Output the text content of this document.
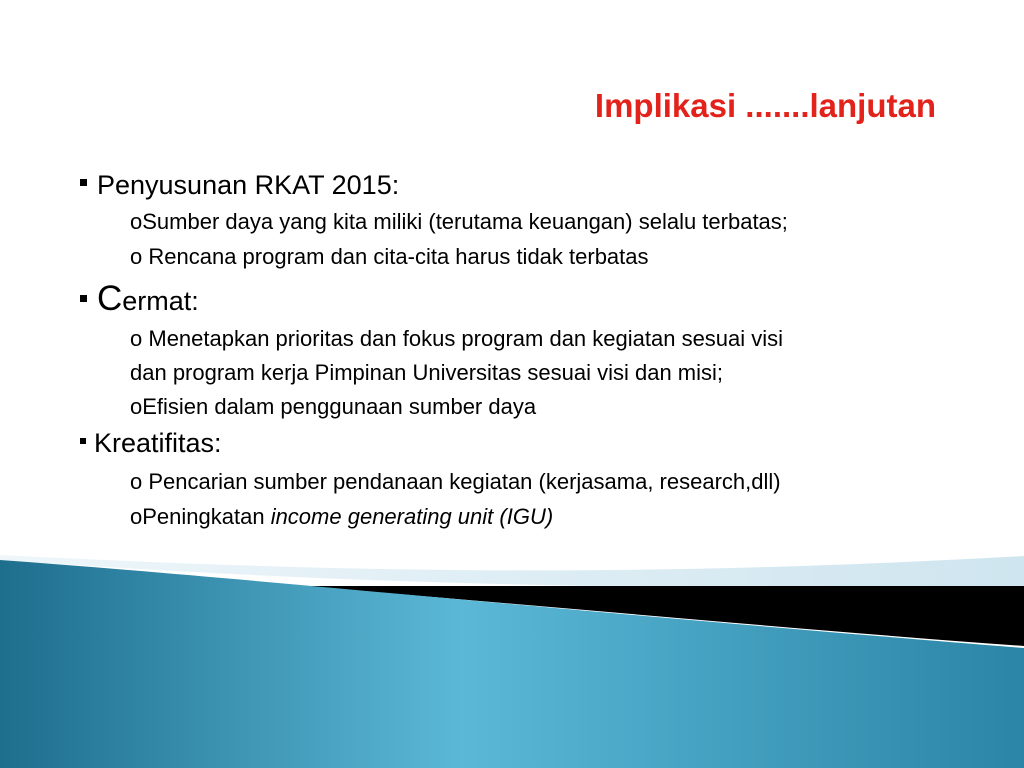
Implikasi .......lanjutan
Penyusunan RKAT 2015:
oSumber daya yang kita miliki (terutama keuangan) selalu terbatas;
o Rencana program dan cita-cita harus tidak terbatas
Cermat:
o Menetapkan prioritas dan fokus program dan kegiatan sesuai visi
dan program kerja Pimpinan Universitas sesuai visi dan misi;
oEfisien dalam penggunaan sumber daya
Kreatifitas:
o Pencarian sumber pendanaan kegiatan (kerjasama, research,dll)
oPeningkatan income generating unit (IGU)
